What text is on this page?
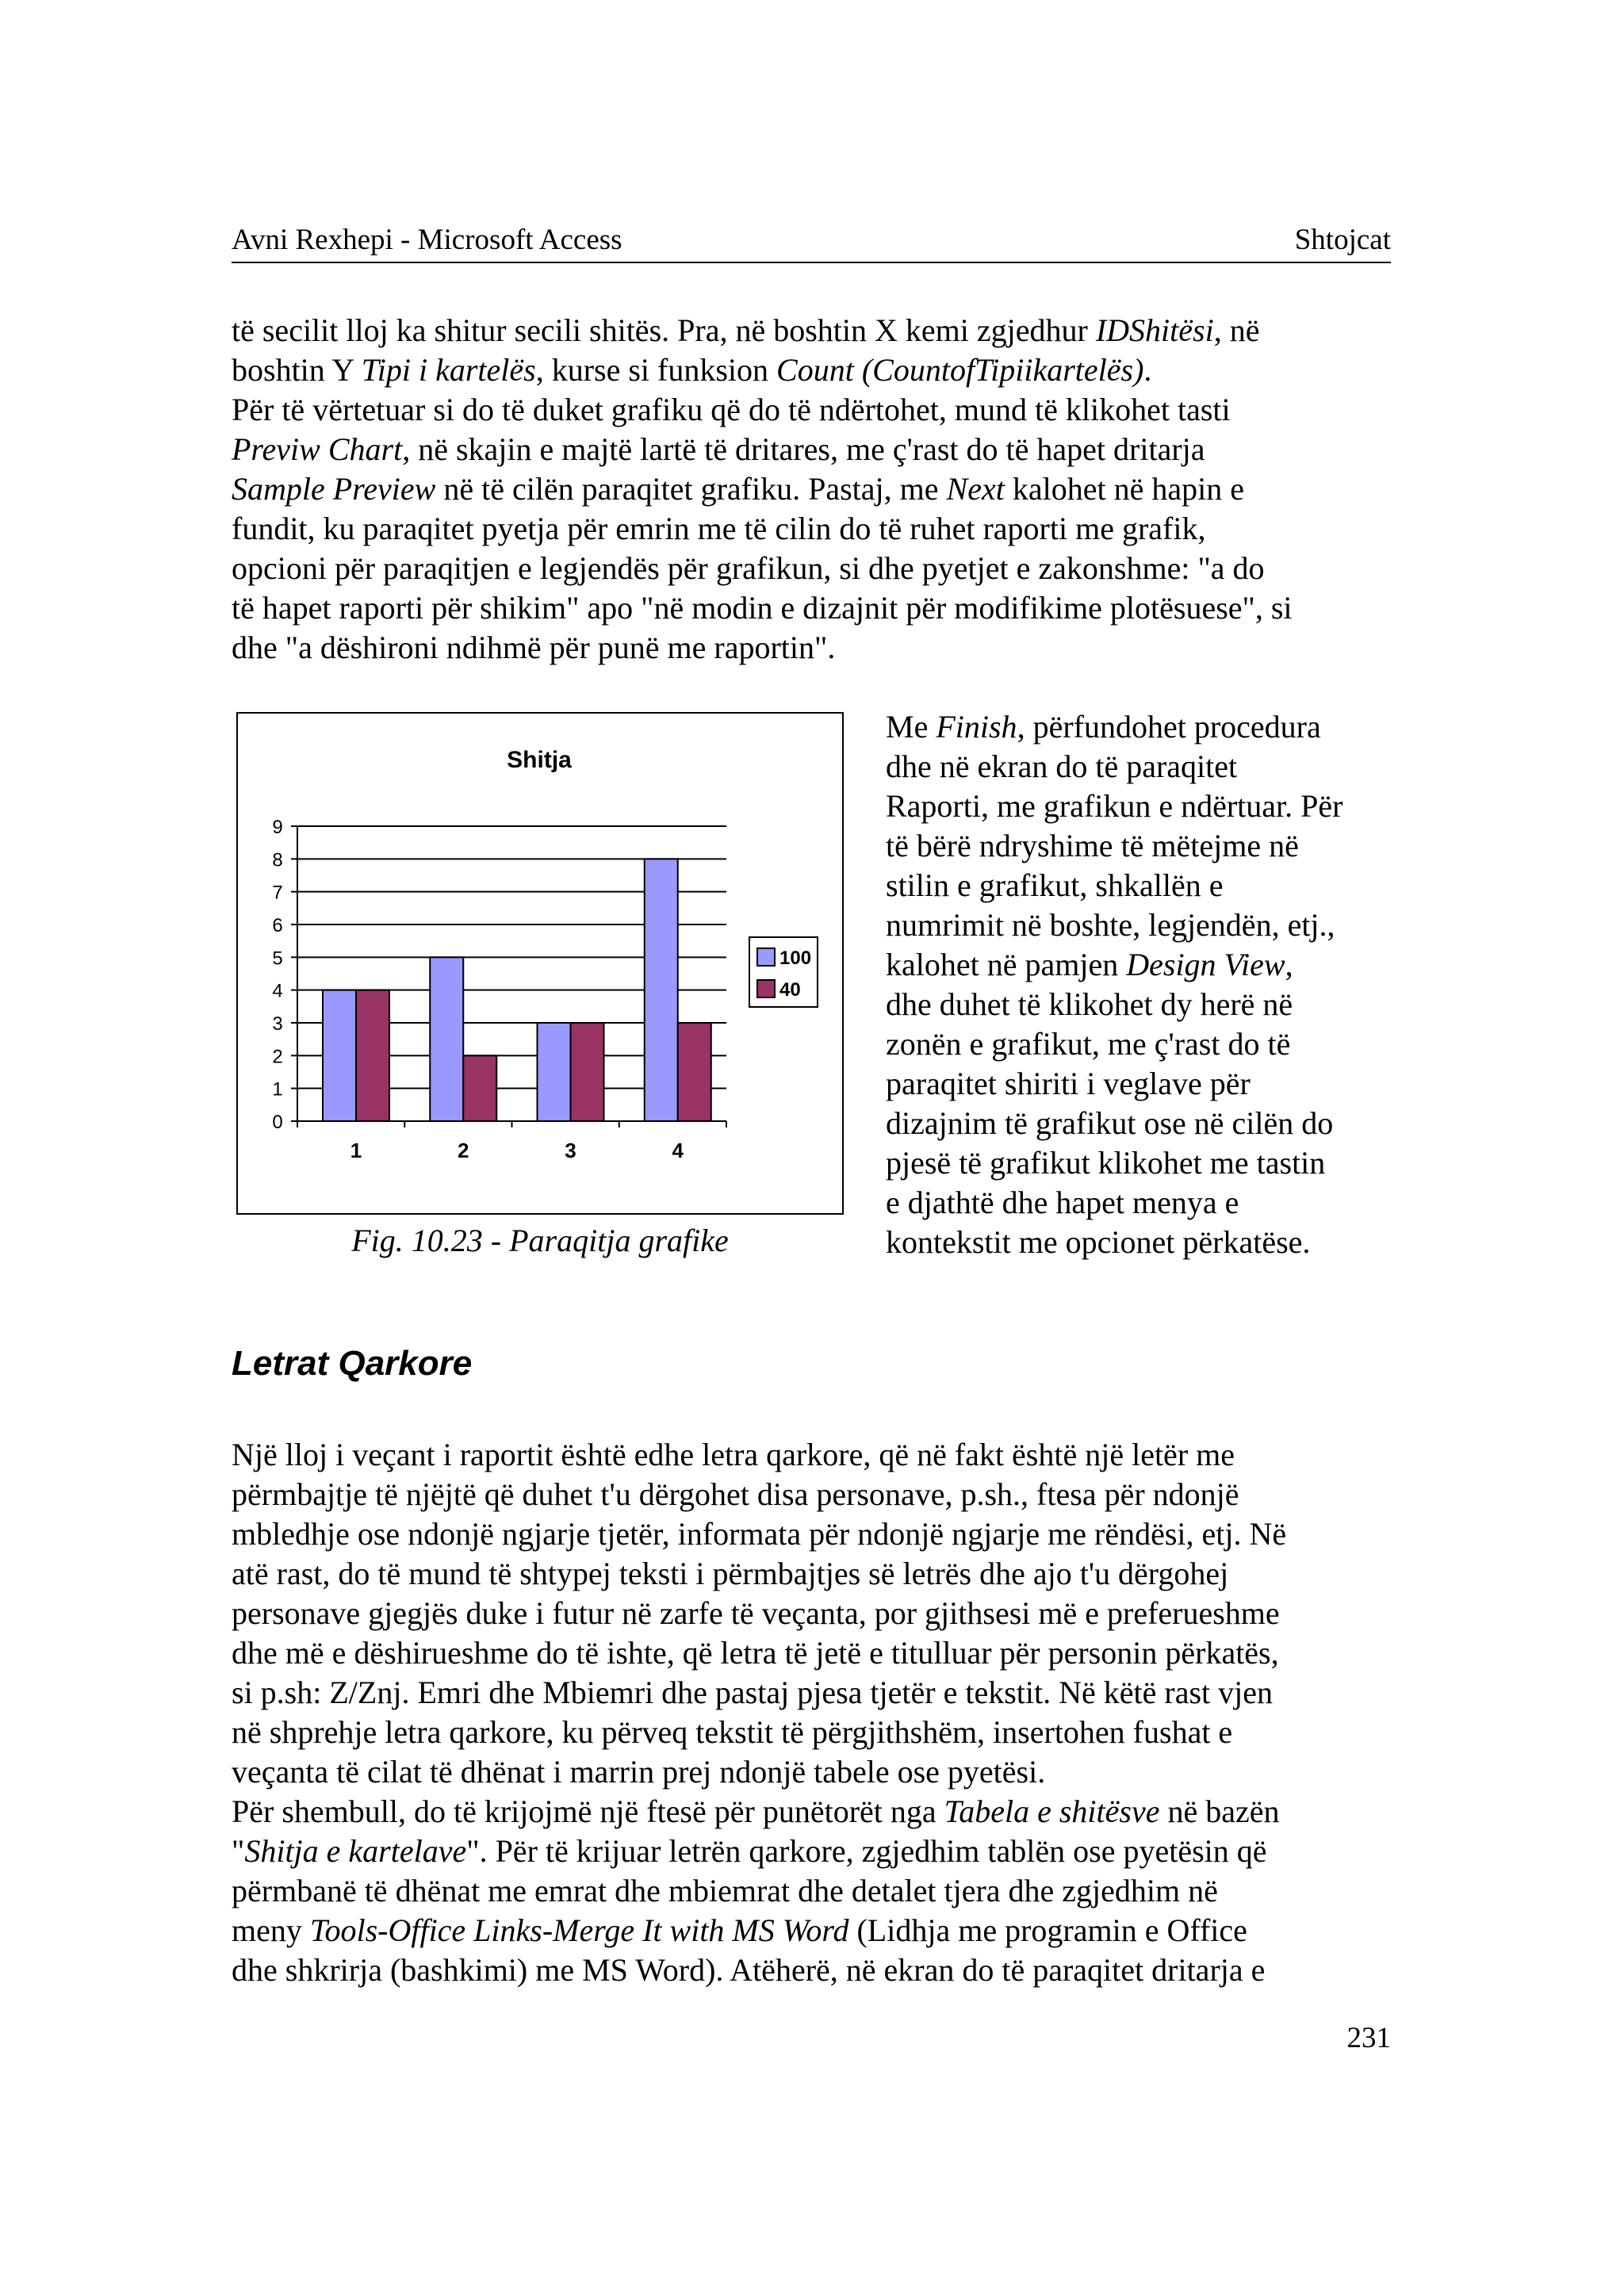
Avni Rexhepi - Microsoft Access	Shtojcat
të secilit lloj ka shitur secili shitës. Pra, në boshtin X kemi zgjedhur IDShitësi, në
boshtin Y Tipi i kartelës, kurse si funksion Count (CountofTipiikartelës).
Për të vërtetuar si do të duket grafiku që do të ndërtohet, mund të klikohet tasti
Previw Chart, në skajin e majtë lartë të dritares, me ç'rast do të hapet dritarja
Sample Preview në të cilën paraqitet grafiku. Pastaj, me Next kalohet në hapin e
fundit, ku paraqitet pyetja për emrin me të cilin do të ruhet raporti me grafik,
opcioni për paraqitjen e legjendës për grafikun, si dhe pyetjet e zakonshme: "a do
të hapet raporti për shikim" apo "në modin e dizajnit për modifikime plotësuese", si
dhe "a dëshironi ndihmë për punë me raportin".
Shitja
0
1
2
3
4
5
6
7
8
9
1	2	3	4
100
40
Fig. 10.23 - Paraqitja grafike
Me Finish, përfundohet procedura
dhe në ekran do të paraqitet
Raporti, me grafikun e ndërtuar. Për
të bërë ndryshime të mëtejme në
stilin e grafikut, shkallën e
numrimit në boshte, legjendën, etj.,
kalohet në pamjen Design View,
dhe duhet të klikohet dy herë në
zonën e grafikut, me ç'rast do të
paraqitet shiriti i veglave për
dizajnim të grafikut ose në cilën do
pjesë të grafikut klikohet me tastin
e djathtë dhe hapet menya e
kontekstit me opcionet përkatëse.
Letrat Qarkore
Një lloj i veçant i raportit është edhe letra qarkore, që në fakt është një letër me
përmbajtje të njëjtë që duhet t'u dërgohet disa personave, p.sh., ftesa për ndonjë
mbledhje ose ndonjë ngjarje tjetër, informata për ndonjë ngjarje me rëndësi, etj. Në
atë rast, do të mund të shtypej teksti i përmbajtjes së letrës dhe ajo t'u dërgohej
personave gjegjës duke i futur në zarfe të veçanta, por gjithsesi më e preferueshme
dhe më e dëshirueshme do të ishte, që letra të jetë e titulluar për personin përkatës,
si p.sh: Z/Znj. Emri dhe Mbiemri dhe pastaj pjesa tjetër e tekstit. Në këtë rast vjen
në shprehje letra qarkore, ku përveq tekstit të përgjithshëm, insertohen fushat e
veçanta të cilat të dhënat i marrin prej ndonjë tabele ose pyetësi.
Për shembull, do të krijojmë një ftesë për punëtorët nga Tabela e shitësve në bazën
"Shitja e kartelave". Për të krijuar letrën qarkore, zgjedhim tablën ose pyetësin që
përmbanë të dhënat me emrat dhe mbiemrat dhe detalet tjera dhe zgjedhim në
meny Tools-Office Links-Merge It with MS Word (Lidhja me programin e Office
dhe shkrirja (bashkimi) me MS Word). Atëherë, në ekran do të paraqitet dritarja e
231
